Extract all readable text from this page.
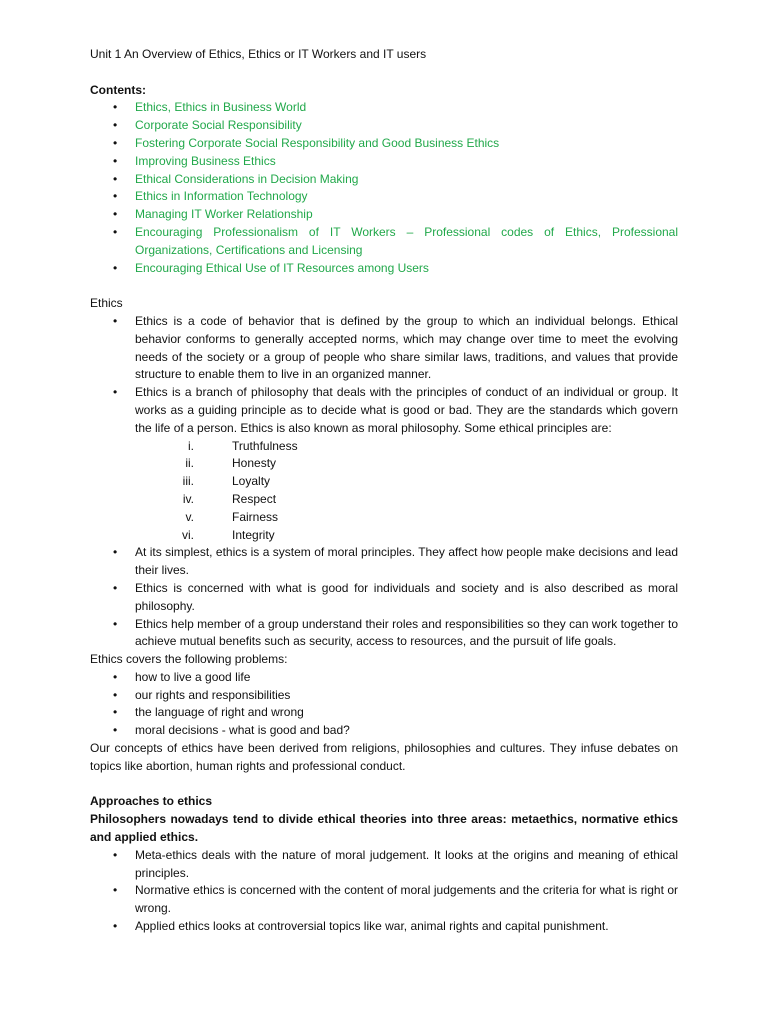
Unit 1 An Overview of Ethics, Ethics or IT Workers and IT users

Contents:

• Ethics, Ethics in Business World
• Corporate Social Responsibility
• Fostering Corporate Social Responsibility and Good Business Ethics
• Improving Business Ethics
• Ethical Considerations in Decision Making
• Ethics in Information Technology
• Managing IT Worker Relationship
• Encouraging Professionalism of IT Workers – Professional codes of Ethics, Professional Organizations, Certifications and Licensing
• Encouraging Ethical Use of IT Resources among Users

Ethics

• Ethics is a code of behavior that is defined by the group to which an individual belongs. Ethical behavior conforms to generally accepted norms, which may change over time to meet the evolving needs of the society or a group of people who share similar laws, traditions, and values that provide structure to enable them to live in an organized manner.
• Ethics is a branch of philosophy that deals with the principles of conduct of an individual or group. It works as a guiding principle as to decide what is good or bad. They are the standards which govern the life of a person. Ethics is also known as moral philosophy. Some ethical principles are:
i.	Truthfulness
ii.	Honesty
iii.	Loyalty
iv.	Respect
v.	Fairness
vi.	Integrity
• At its simplest, ethics is a system of moral principles. They affect how people make decisions and lead their lives.
• Ethics is concerned with what is good for individuals and society and is also described as moral philosophy.
• Ethics help member of a group understand their roles and responsibilities so they can work together to achieve mutual benefits such as security, access to resources, and the pursuit of life goals.

Ethics covers the following problems:

• how to live a good life
• our rights and responsibilities
• the language of right and wrong
• moral decisions - what is good and bad?

Our concepts of ethics have been derived from religions, philosophies and cultures. They infuse debates on topics like abortion, human rights and professional conduct.

Approaches to ethics

Philosophers nowadays tend to divide ethical theories into three areas: metaethics, normative ethics and applied ethics.

• Meta-ethics deals with the nature of moral judgement. It looks at the origins and meaning of ethical principles.
• Normative ethics is concerned with the content of moral judgements and the criteria for what is right or wrong.
• Applied ethics looks at controversial topics like war, animal rights and capital punishment.
